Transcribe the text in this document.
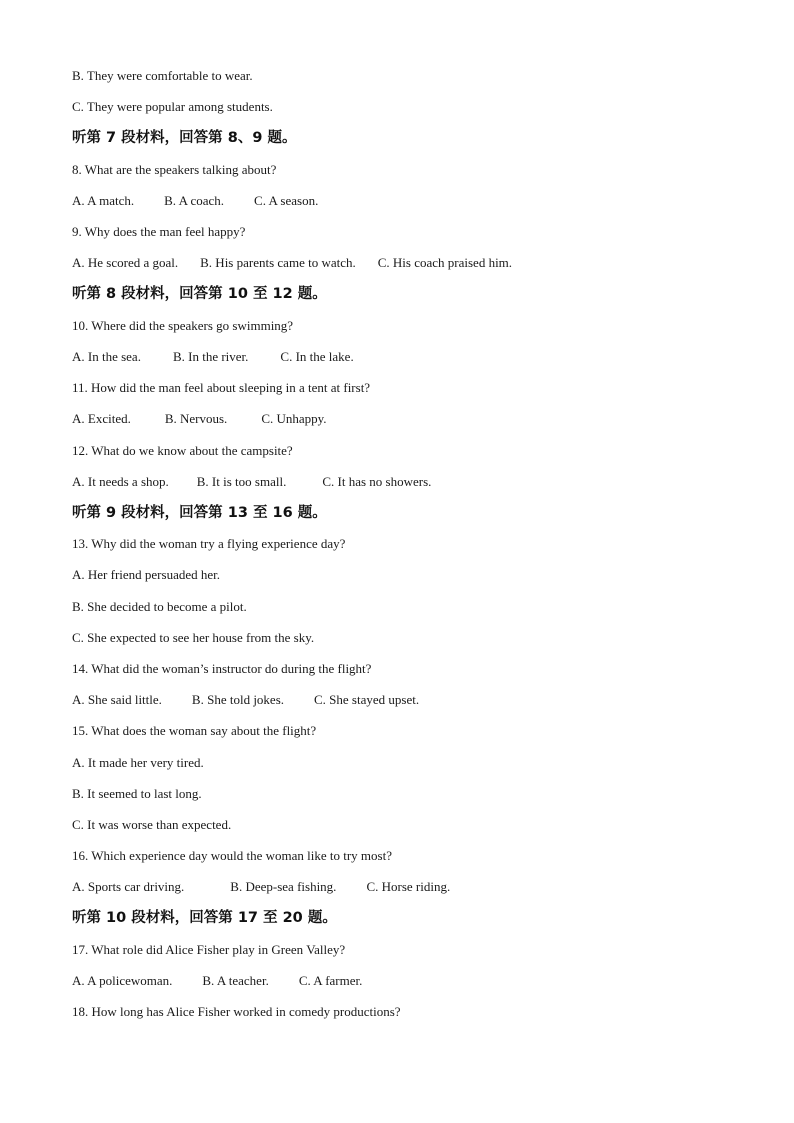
B. They were comfortable to wear.
C. They were popular among students.
听第 7 段材料，回答第 8、9 题。
8. What are the speakers talking about?
A. A match. B. A coach. C. A season.
9. Why does the man feel happy?
A. He scored a goal. B. His parents came to watch. C. His coach praised him.
听第 8 段材料，回答第 10 至 12 题。
10. Where did the speakers go swimming?
A. In the sea. B. In the river. C. In the lake.
11. How did the man feel about sleeping in a tent at first?
A. Excited.	B. Nervous.	C. Unhappy.
12. What do we know about the campsite?
A. It needs a shop. B. It is too small.	C. It has no showers.
听第 9 段材料，回答第 13 至 16 题。
13. Why did the woman try a flying experience day?
A. Her friend persuaded her.
B. She decided to become a pilot.
C. She expected to see her house from the sky.
14. What did the woman’s instructor do during the flight?
A. She said little. B. She told jokes. C. She stayed upset.
15. What does the woman say about the flight?
A. It made her very tired.
B. It seemed to last long.
C. It was worse than expected.
16. Which experience day would the woman like to try most?
A. Sports car driving.	B. Deep-sea fishing. C. Horse riding.
听第 10 段材料，回答第 17 至 20 题。
17. What role did Alice Fisher play in Green Valley?
A. A policewoman. B. A teacher. C. A farmer.
18. How long has Alice Fisher worked in comedy productions?
